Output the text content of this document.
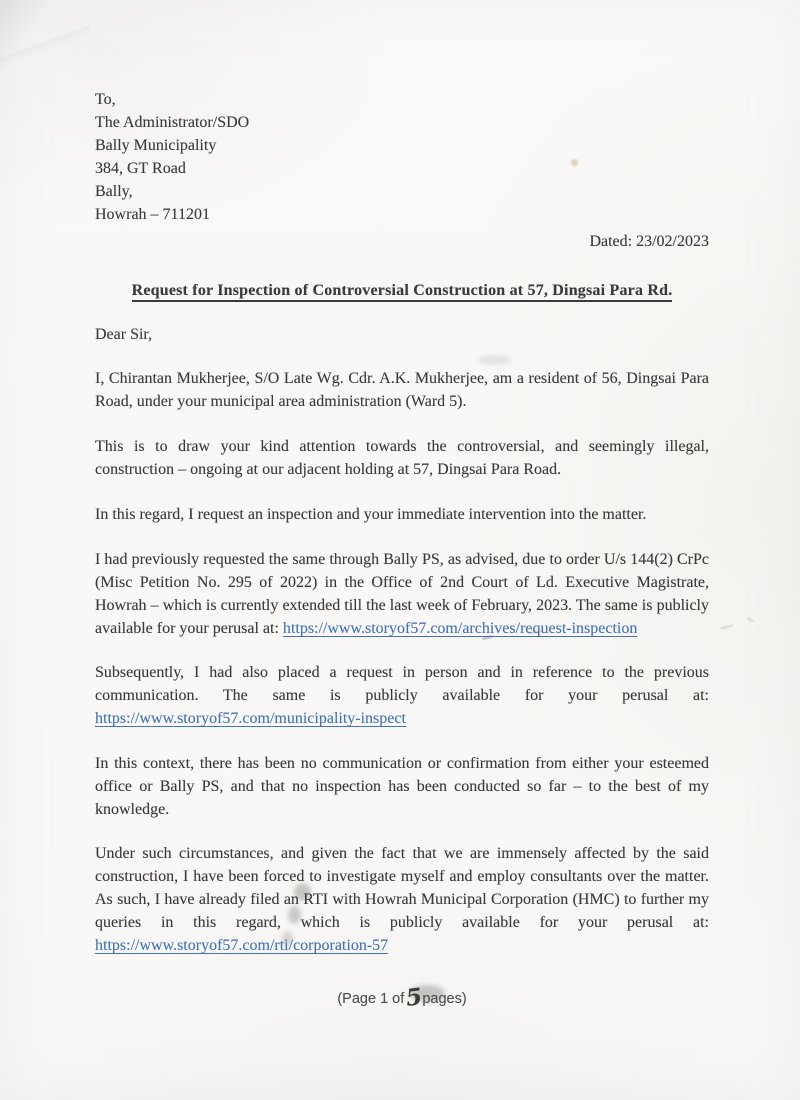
To,
The Administrator/SDO
Bally Municipality
384, GT Road
Bally,
Howrah – 711201
Dated: 23/02/2023
Request for Inspection of Controversial Construction at 57, Dingsai Para Rd.
Dear Sir,
I, Chirantan Mukherjee, S/O Late Wg. Cdr. A.K. Mukherjee, am a resident of 56, Dingsai Para Road, under your municipal area administration (Ward 5).
This is to draw your kind attention towards the controversial, and seemingly illegal, construction – ongoing at our adjacent holding at 57, Dingsai Para Road.
In this regard, I request an inspection and your immediate intervention into the matter.
I had previously requested the same through Bally PS, as advised, due to order U/s 144(2) CrPc (Misc Petition No. 295 of 2022) in the Office of 2nd Court of Ld. Executive Magistrate, Howrah – which is currently extended till the last week of February, 2023. The same is publicly available for your perusal at: https://www.storyof57.com/archives/request-inspection
Subsequently, I had also placed a request in person and in reference to the previous communication. The same is publicly available for your perusal at: https://www.storyof57.com/municipality-inspect
In this context, there has been no communication or confirmation from either your esteemed office or Bally PS, and that no inspection has been conducted so far – to the best of my knowledge.
Under such circumstances, and given the fact that we are immensely affected by the said construction, I have been forced to investigate myself and employ consultants over the matter. As such, I have already filed an RTI with Howrah Municipal Corporation (HMC) to further my queries in this regard, which is publicly available for your perusal at: https://www.storyof57.com/rti/corporation-57
(Page 1 of5 pages)
